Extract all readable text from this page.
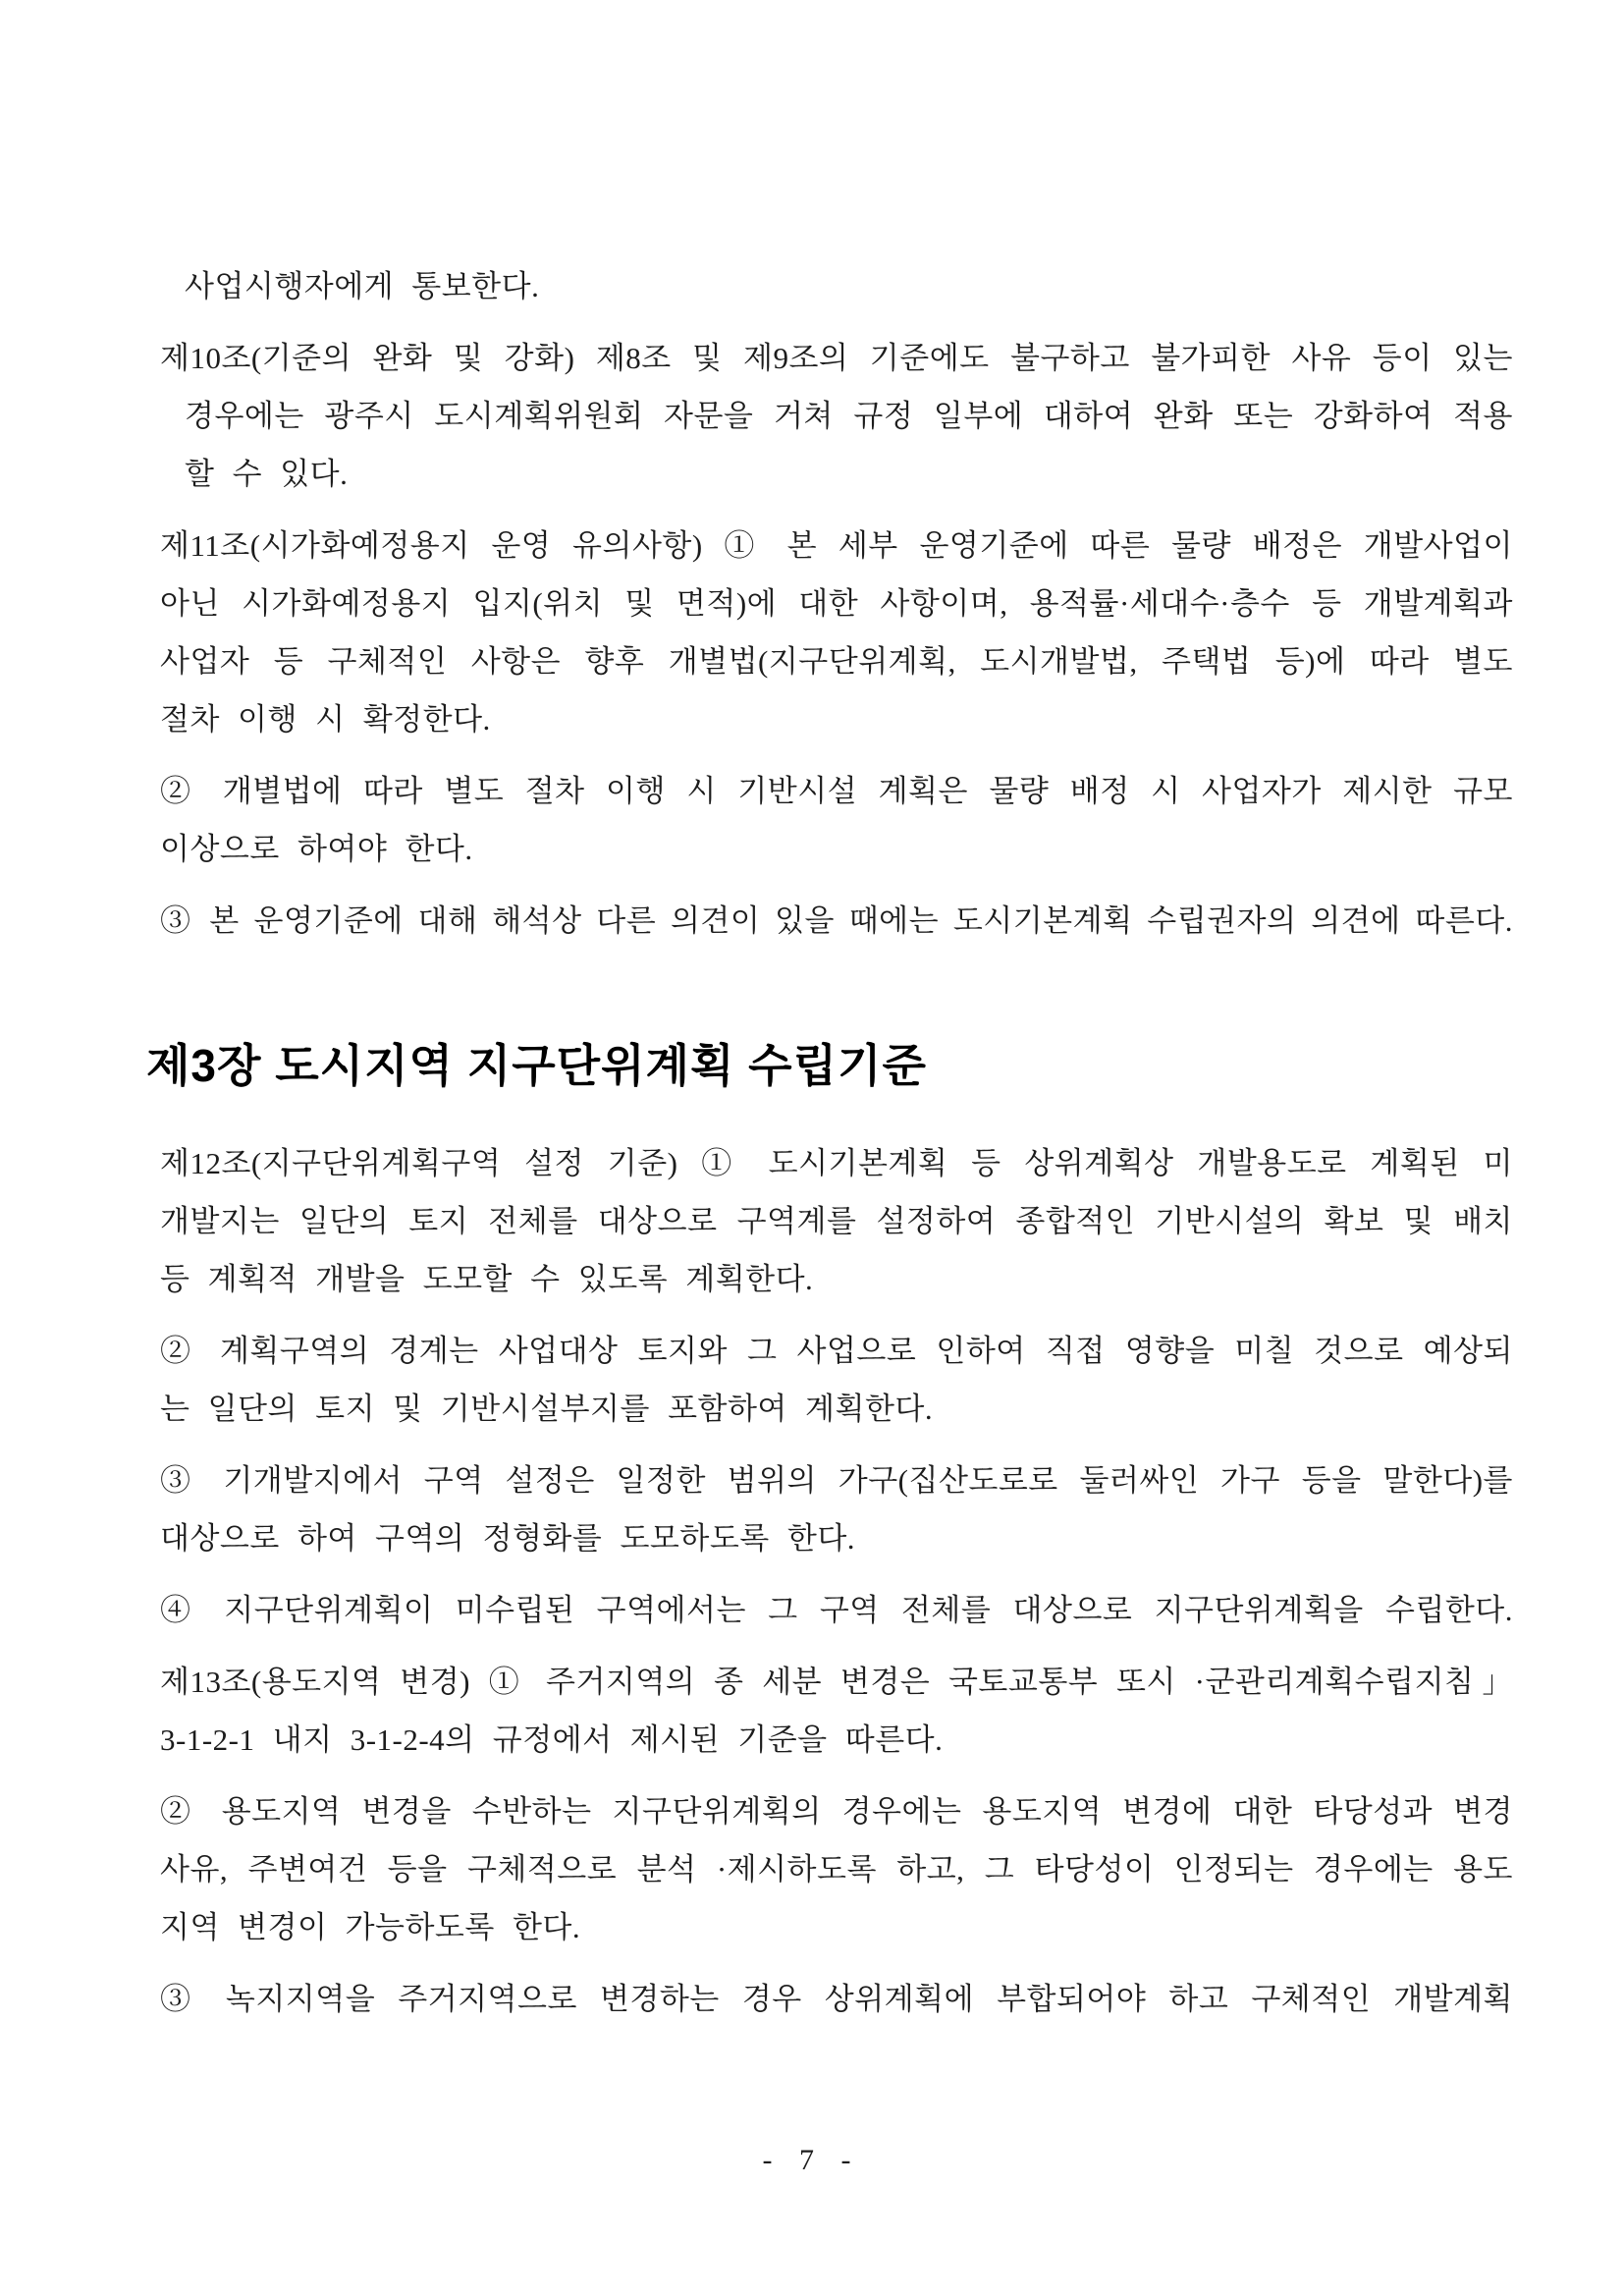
사업시행자에게 통보한다.
제10조(기준의 완화 및 강화) 제8조 및 제9조의 기준에도 불구하고 불가피한 사유 등이 있는
경우에는 광주시 도시계획위원회 자문을 거쳐 규정 일부에 대하여 완화 또는 강화하여 적용
할 수 있다.
제11조(시가화예정용지 운영 유의사항) ① 본 세부 운영기준에 따른 물량 배정은 개발사업이
아닌 시가화예정용지 입지(위치 및 면적)에 대한 사항이며, 용적률·세대수·층수 등 개발계획과
사업자 등 구체적인 사항은 향후 개별법(지구단위계획, 도시개발법, 주택법 등)에 따라 별도
절차 이행 시 확정한다.
② 개별법에 따라 별도 절차 이행 시 기반시설 계획은 물량 배정 시 사업자가 제시한 규모
이상으로 하여야 한다.
③ 본 운영기준에 대해 해석상 다른 의견이 있을 때에는 도시기본계획 수립권자의 의견에 따른다.
제3장 도시지역 지구단위계획 수립기준
제12조(지구단위계획구역 설정 기준) ① 도시기본계획 등 상위계획상 개발용도로 계획된 미
개발지는 일단의 토지 전체를 대상으로 구역계를 설정하여 종합적인 기반시설의 확보 및 배치
등 계획적 개발을 도모할 수 있도록 계획한다.
② 계획구역의 경계는 사업대상 토지와 그 사업으로 인하여 직접 영향을 미칠 것으로 예상되
는 일단의 토지 및 기반시설부지를 포함하여 계획한다.
③ 기개발지에서 구역 설정은 일정한 범위의 가구(집산도로로 둘러싸인 가구 등을 말한다)를
대상으로 하여 구역의 정형화를 도모하도록 한다.
④ 지구단위계획이 미수립된 구역에서는 그 구역 전체를 대상으로 지구단위계획을 수립한다.
제13조(용도지역 변경) ① 주거지역의 종 세분 변경은 국토교통부 또시 ·군관리계획수립지침」
3-1-2-1 내지 3-1-2-4의 규정에서 제시된 기준을 따른다.
② 용도지역 변경을 수반하는 지구단위계획의 경우에는 용도지역 변경에 대한 타당성과 변경
사유, 주변여건 등을 구체적으로 분석 ·제시하도록 하고, 그 타당성이 인정되는 경우에는 용도
지역 변경이 가능하도록 한다.
③ 녹지지역을 주거지역으로 변경하는 경우 상위계획에 부합되어야 하고 구체적인 개발계획
- 7 -
